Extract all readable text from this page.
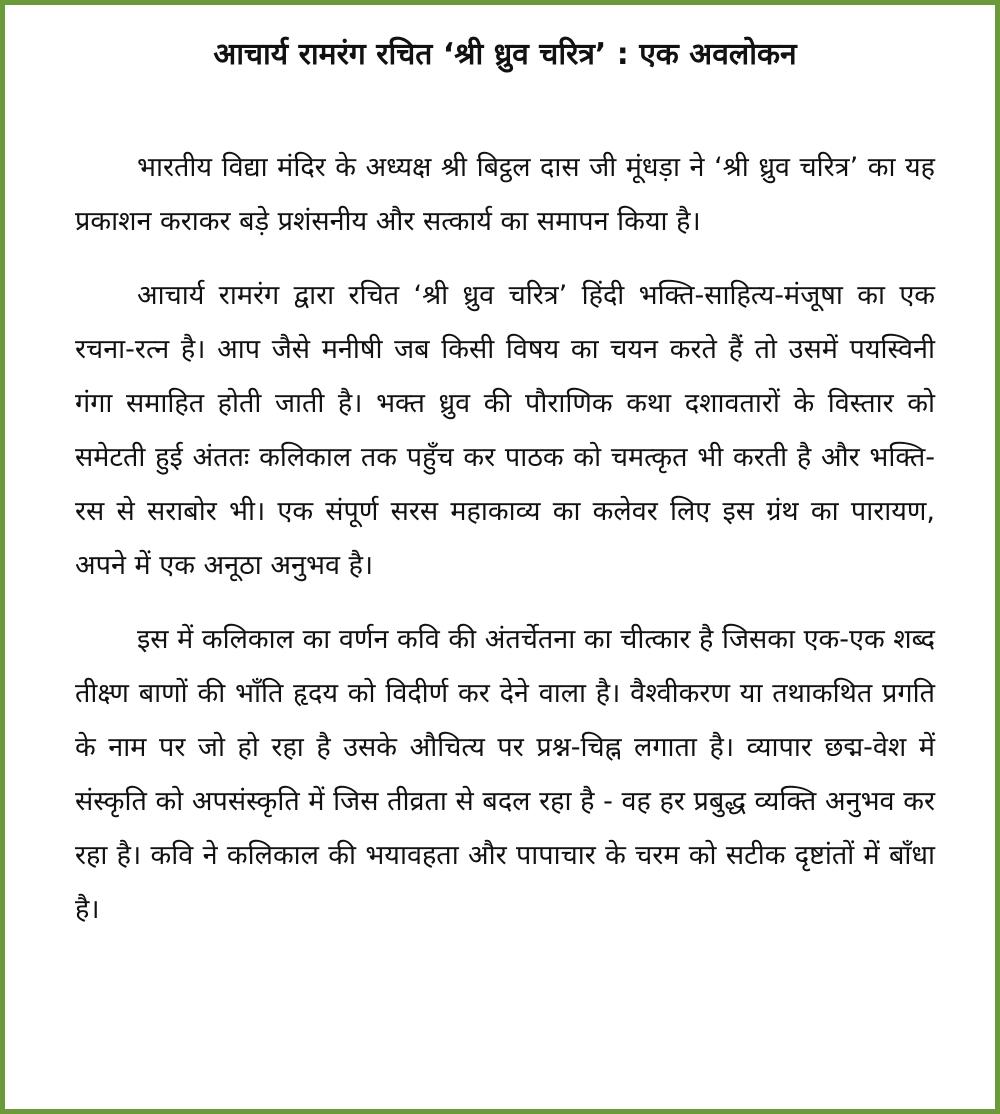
आचार्य रामरंग रचित ‘श्री ध्रुव चरित्र’ : एक अवलोकन

भारतीय विद्या मंदिर के अध्यक्ष श्री बिट्ठल दास जी मूंधड़ा ने ‘श्री ध्रुव चरित्र’ का यह प्रकाशन कराकर बड़े प्रशंसनीय और सत्कार्य का समापन किया है।

आचार्य रामरंग द्वारा रचित ‘श्री ध्रुव चरित्र’ हिंदी भक्ति-साहित्य-मंजूषा का एक रचना-रत्न है। आप जैसे मनीषी जब किसी विषय का चयन करते हैं तो उसमें पयस्विनी गंगा समाहित होती जाती है। भक्त ध्रुव की पौराणिक कथा दशावतारों के विस्तार को समेटती हुई अंततः कलिकाल तक पहुँच कर पाठक को चमत्कृत भी करती है और भक्ति-रस से सराबोर भी। एक संपूर्ण सरस महाकाव्य का कलेवर लिए इस ग्रंथ का पारायण, अपने में एक अनूठा अनुभव है।

इस में कलिकाल का वर्णन कवि की अंतर्चेतना का चीत्कार है जिसका एक-एक शब्द तीक्ष्ण बाणों की भाँति हृदय को विदीर्ण कर देने वाला है। वैश्वीकरण या तथाकथित प्रगति के नाम पर जो हो रहा है उसके औचित्य पर प्रश्न-चिह्न लगाता है। व्यापार छद्म-वेश में संस्कृति को अपसंस्कृति में जिस तीव्रता से बदल रहा है - वह हर प्रबुद्ध व्यक्ति अनुभव कर रहा है। कवि ने कलिकाल की भयावहता और पापाचार के चरम को सटीक दृष्टांतों में बाँधा है।
